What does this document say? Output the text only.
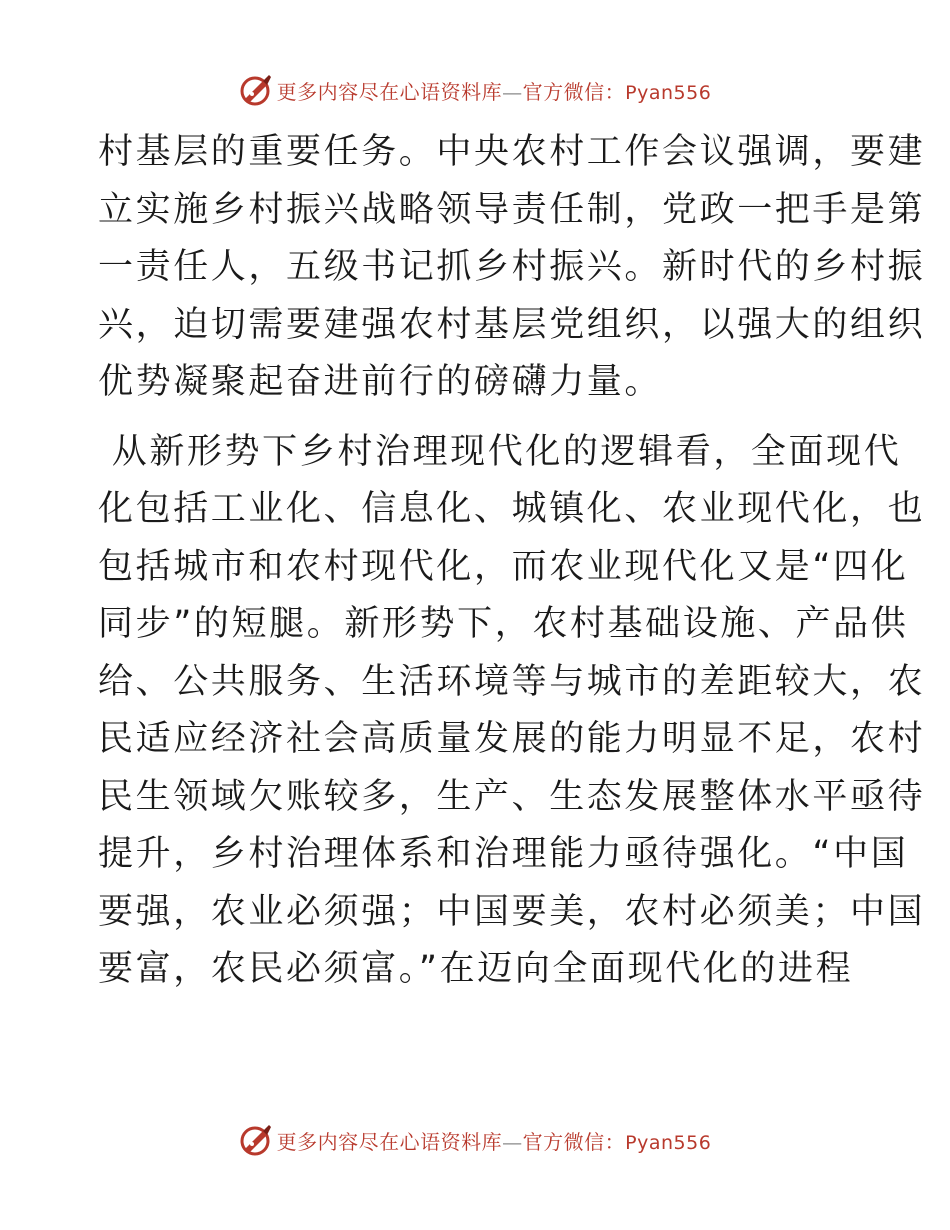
更多内容尽在心语资料库—官方微信：Pyan556

村基层的重要任务。中央农村工作会议强调，要建
立实施乡村振兴战略领导责任制，党政一把手是第
一责任人，五级书记抓乡村振兴。新时代的乡村振
兴，迫切需要建强农村基层党组织，以强大的组织
优势凝聚起奋进前行的磅礴力量。

从新形势下乡村治理现代化的逻辑看，全面现代
化包括工业化、信息化、城镇化、农业现代化，也
包括城市和农村现代化，而农业现代化又是“四化
同步”的短腿。新形势下，农村基础设施、产品供
给、公共服务、生活环境等与城市的差距较大，农
民适应经济社会高质量发展的能力明显不足，农村
民生领域欠账较多，生产、生态发展整体水平亟待
提升，乡村治理体系和治理能力亟待强化。“中国
要强，农业必须强；中国要美，农村必须美；中国
要富，农民必须富。”在迈向全面现代化的进程

更多内容尽在心语资料库—官方微信：Pyan556
